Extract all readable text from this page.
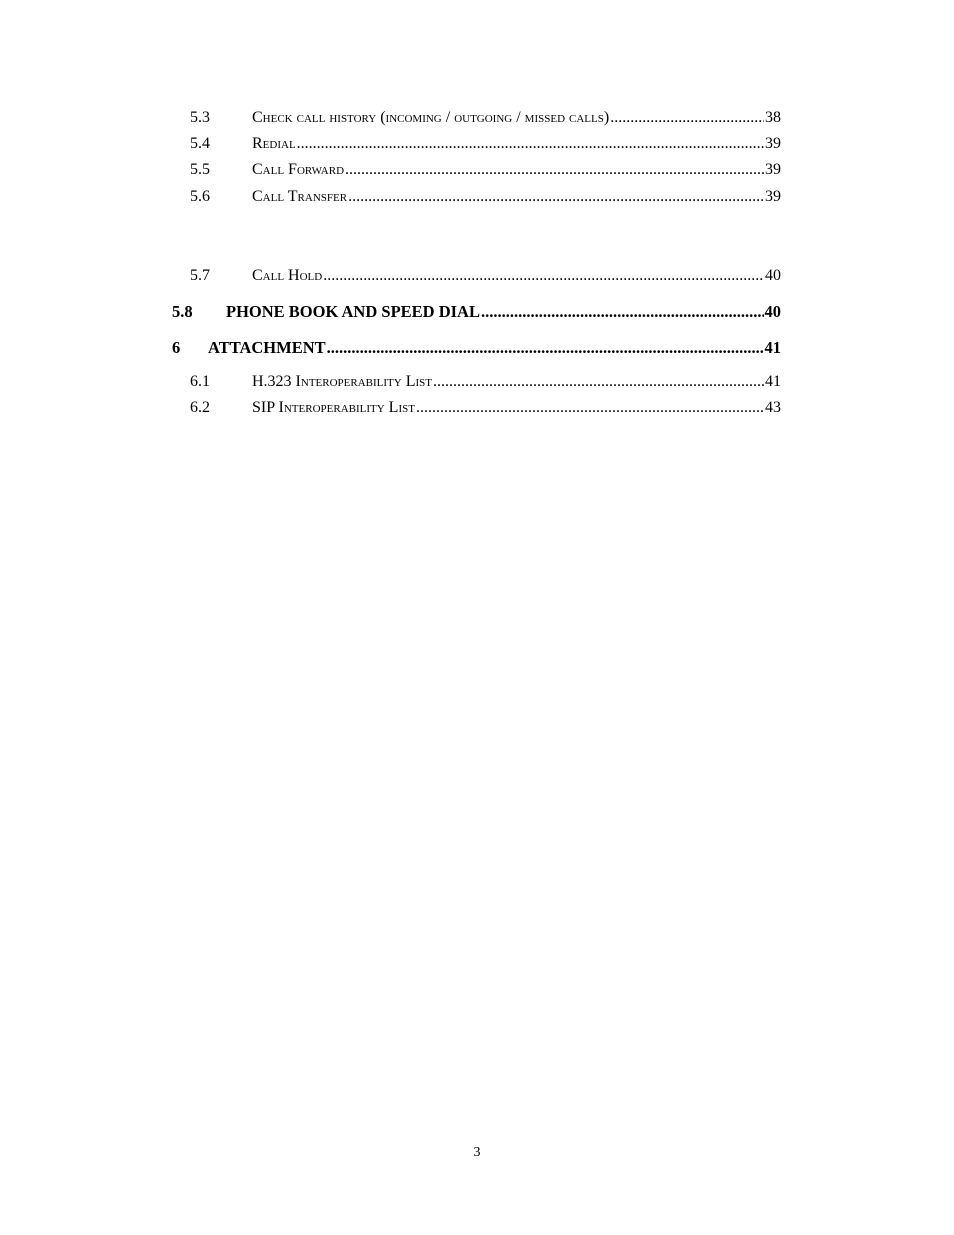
5.3	Check call history (incoming / outgoing / missed calls) .....	38
5.4	Redial .....	39
5.5	Call Forward .....	39
5.6	Call Transfer .....	39
5.7	Call Hold .....	40
5.8	PHONE BOOK AND SPEED DIAL .....	40
6	ATTACHMENT .....	41
6.1	H.323 Interoperability List .....	41
6.2	SIP Interoperability List .....	43
3
